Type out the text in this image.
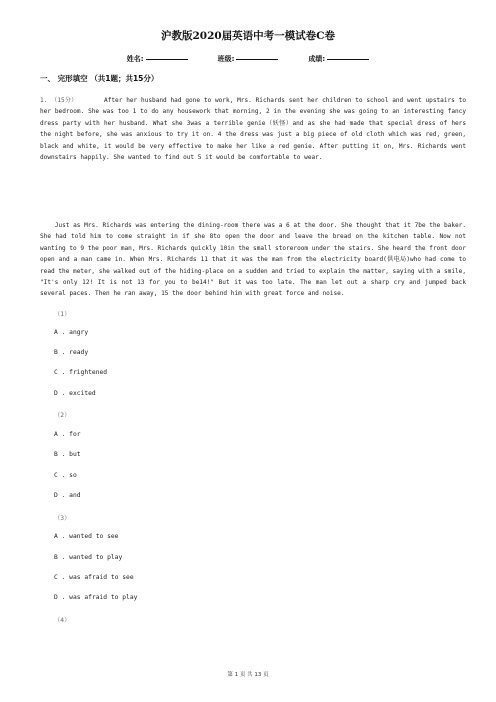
沪教版2020届英语中考一模试卷C卷
姓名:	班级:	成绩:
一、 完形填空 （共1题；共15分）
1. （15分）	After her husband had gone to work, Mrs. Richards sent her children to school and went upstairs to her bedroom. She was too 1 to do any housework that morning, 2 in the evening she was going to an interesting fancy dress party with her husband. What she 3was a terrible genie（妖怪）and as she had made that special dress of hers the night before, she was anxious to try it on. 4 the dress was just a big piece of old cloth which was red, green, black and white, it would be very effective to make her like a red genie. After putting it on, Mrs. Richards went downstairs happily. She wanted to find out 5 it would be comfortable to wear.
Just as Mrs. Richards was entering the dining-room there was a 6 at the door. She thought that it 7be the baker. She had told him to come straight in if she 8to open the door and leave the bread on the kitchen table. Now not wanting to 9 the poor man, Mrs. Richards quickly 10in the small storeroom under the stairs. She heard the front door open and a man came in. When Mrs. Richards 11 that it was the man from the electricity board(供电局)who had come to read the meter, she walked out of the hiding-place on a sudden and tried to explain the matter, saying with a smile, "It's only 12! It is not 13 for you to be14!" But it was too late. The man let out a sharp cry and jumped back several paces. Then he ran away, 15 the door behind him with great force and noise.
（1）
A . angry
B . ready
C . frightened
D . excited
（2）
A . for
B . but
C . so
D . and
（3）
A . wanted to see
B . wanted to play
C . was afraid to see
D . was afraid to play
（4）
第 1 页 共 13 页
